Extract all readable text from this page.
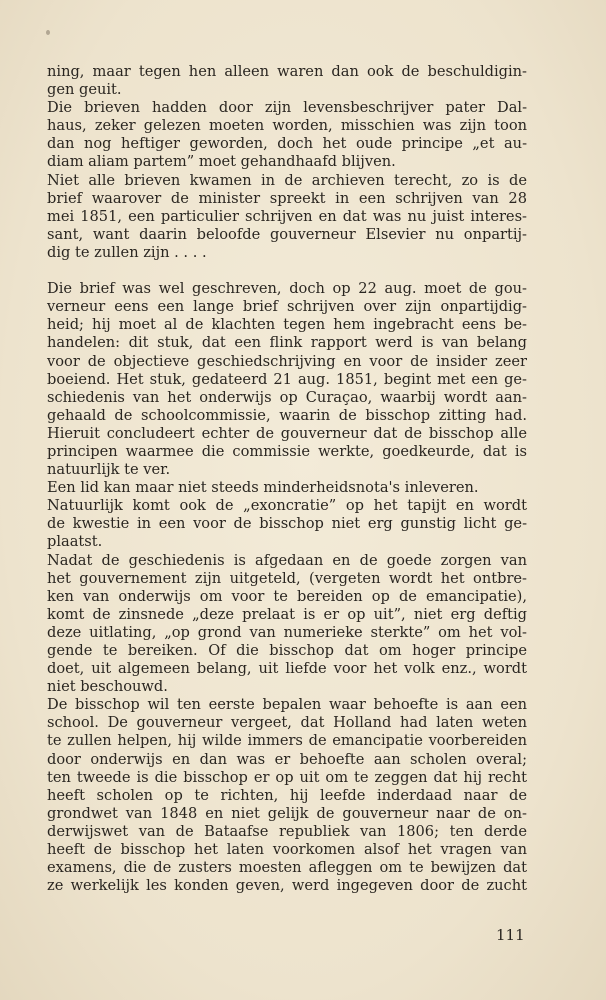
ning, maar tegen hen alleen waren dan ook de beschuldigin-
gen geuit.
Die brieven hadden door zijn levensbeschrijver pater Dal-
haus, zeker gelezen moeten worden, misschien was zijn toon
dan nog heftiger geworden, doch het oude principe „et au-
diam aliam partem” moet gehandhaafd blijven.
Niet alle brieven kwamen in de archieven terecht, zo is de
brief waarover de minister spreekt in een schrijven van 28
mei 1851, een particulier schrijven en dat was nu juist interes-
sant, want daarin beloofde gouverneur Elsevier nu onpartij-
dig te zullen zijn . . . .
Die brief was wel geschreven, doch op 22 aug. moet de gou-
verneur eens een lange brief schrijven over zijn onpartijdig-
heid; hij moet al de klachten tegen hem ingebracht eens be-
handelen: dit stuk, dat een flink rapport werd is van belang
voor de objectieve geschiedschrijving en voor de insider zeer
boeiend. Het stuk, gedateerd 21 aug. 1851, begint met een ge-
schiedenis van het onderwijs op Curaçao, waarbij wordt aan-
gehaald de schoolcommissie, waarin de bisschop zitting had.
Hieruit concludeert echter de gouverneur dat de bisschop alle
principen waarmee die commissie werkte, goedkeurde, dat is
natuurlijk te ver.
Een lid kan maar niet steeds minderheidsnota's inleveren.
Natuurlijk komt ook de „exoncratie” op het tapijt en wordt
de kwestie in een voor de bisschop niet erg gunstig licht ge-
plaatst.
Nadat de geschiedenis is afgedaan en de goede zorgen van
het gouvernement zijn uitgeteld, (vergeten wordt het ontbre-
ken van onderwijs om voor te bereiden op de emancipatie),
komt de zinsnede „deze prelaat is er op uit”, niet erg deftig
deze uitlating, „op grond van numerieke sterkte” om het vol-
gende te bereiken. Of die bisschop dat om hoger principe
doet, uit algemeen belang, uit liefde voor het volk enz., wordt
niet beschouwd.
De bisschop wil ten eerste bepalen waar behoefte is aan een
school. De gouverneur vergeet, dat Holland had laten weten
te zullen helpen, hij wilde immers de emancipatie voorbereiden
door onderwijs en dan was er behoefte aan scholen overal;
ten tweede is die bisschop er op uit om te zeggen dat hij recht
heeft scholen op te richten, hij leefde inderdaad naar de
grondwet van 1848 en niet gelijk de gouverneur naar de on-
derwijswet van de Bataafse republiek van 1806; ten derde
heeft de bisschop het laten voorkomen alsof het vragen van
examens, die de zusters moesten afleggen om te bewijzen dat
ze werkelijk les konden geven, werd ingegeven door de zucht
111
